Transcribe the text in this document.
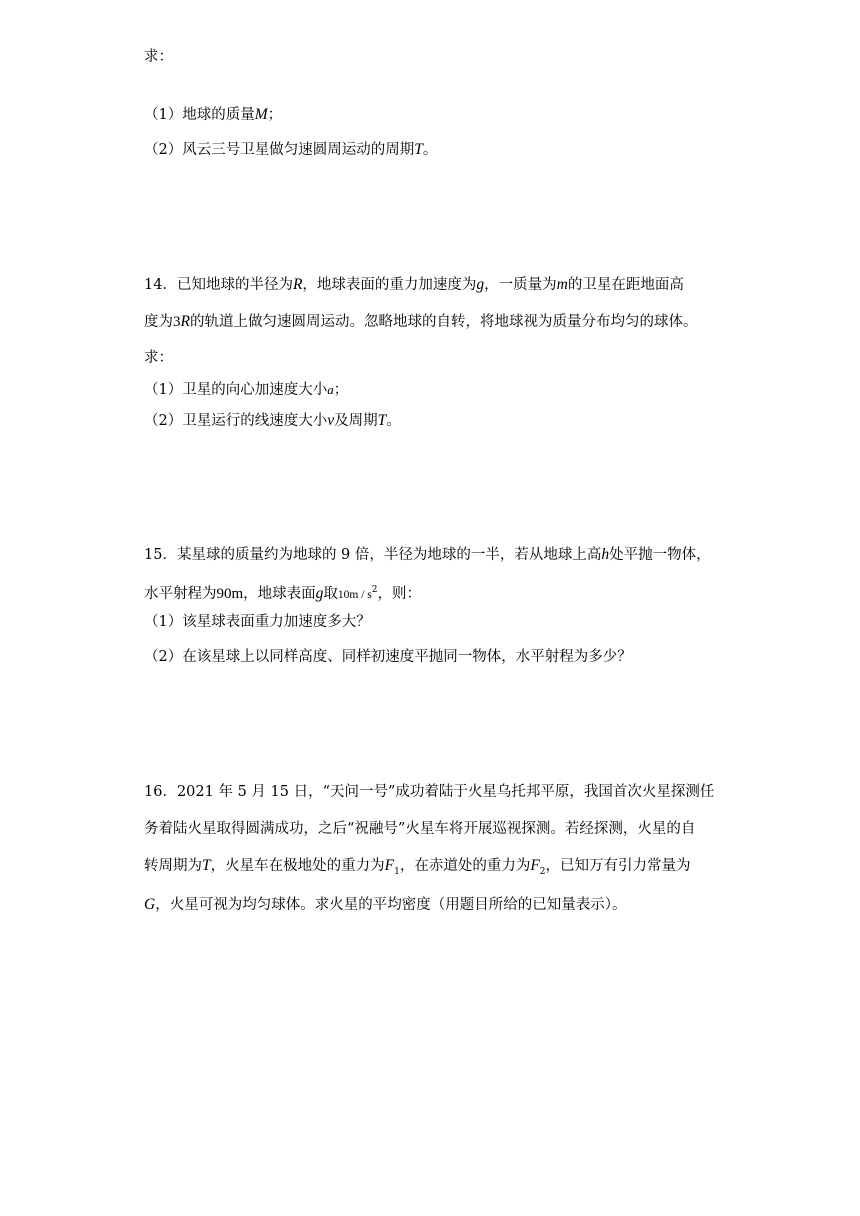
求：
（1）地球的质量M；
（2）风云三号卫星做匀速圆周运动的周期T。
14．已知地球的半径为R，地球表面的重力加速度为g，一质量为m的卫星在距地面高
度为3R的轨道上做匀速圆周运动。忽略地球的自转，将地球视为质量分布均匀的球体。
求：
（1）卫星的向心加速度大小a；
（2）卫星运行的线速度大小v及周期T。
15．某星球的质量约为地球的 9 倍，半径为地球的一半，若从地球上高h处平抛一物体，
水平射程为90m，地球表面g取$10m / s^2$，则：
（1）该星球表面重力加速度多大？
（2）在该星球上以同样高度、同样初速度平抛同一物体，水平射程为多少？
16．2021 年 5 月 15 日，“天问一号”成功着陆于火星乌托邦平原，我国首次火星探测任
务着陆火星取得圆满成功，之后“祝融号”火星车将开展巡视探测。若经探测，火星的自
转周期为T，火星车在极地处的重力为$F_1$，在赤道处的重力为$F_2$，已知万有引力常量为
G，火星可视为均匀球体。求火星的平均密度（用题目所给的已知量表示）。
